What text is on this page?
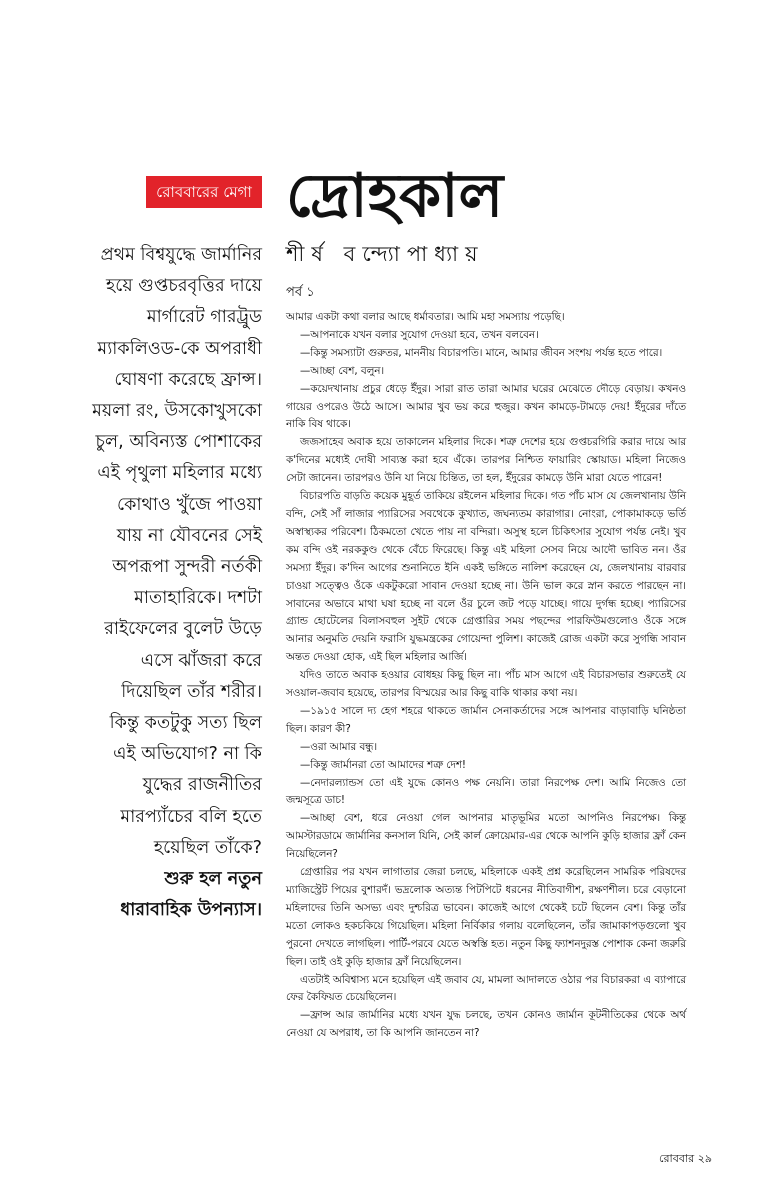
রোববারের মেগা দ্রোহকাল
শীর্ষ বন্দ্যোপাধ্যায়
পর্ব ১
প্রথম বিশ্বযুদ্ধে জার্মানির
হয়ে গুপ্তচরবৃত্তির দায়ে
মার্গারেট গারট্রুড
ম্যাকলিওড-কে অপরাধী
ঘোষণা করেছে ফ্রান্স।
ময়লা রং, উসকোখুসকো
চুল, অবিন্যস্ত পোশাকের
এই পৃথুলা মহিলার মধ্যে
কোথাও খুঁজে পাওয়া
যায় না যৌবনের সেই
অপরূপা সুন্দরী নর্তকী
মাতাহারিকে। দশটা
রাইফেলের বুলেট উড়ে
এসে ঝাঁজরা করে
দিয়েছিল তাঁর শরীর।
কিন্তু কতটুকু সত্য ছিল
এই অভিযোগ? না কি
যুদ্ধের রাজনীতির
মারপ্যাঁচের বলি হতে
হয়েছিল তাঁকে?
শুরু হল নতুন
ধারাবাহিক উপন্যাস।

আমার একটা কথা বলার আছে ধর্মাবতার। আমি মহা সমস্যায় পড়েছি।

—আপনাকে যখন বলার সুযোগ দেওয়া হবে, তখন বলবেন।

—কিন্তু সমস্যাটা গুরুতর, মাননীয় বিচারপতি। মানে, আমার জীবন সংশয় পর্যন্ত হতে পারে।

—আচ্ছা বেশ, বলুন।

—কয়েদখানায় প্রচুর ধেড়ে ইঁদুর। সারা রাত তারা আমার ঘরের মেঝেতে দৌড়ে বেড়ায়। কখনও গায়ের ওপরেও উঠে আসে। আমার খুব ভয় করে হুজুর। কখন কামড়ে-টামড়ে দেয়! ইঁদুরের দাঁতে নাকি বিষ থাকে।

জজসাহেব অবাক হয়ে তাকালেন মহিলার দিকে। শত্রু দেশের হয়ে গুপ্তচরগিরি করার দায়ে আর ক'দিনের মধ্যেই দোষী সাব্যস্ত করা হবে এঁকে। তারপর নিশ্চিত ফায়ারিং স্কোয়াড। মহিলা নিজেও সেটা জানেন। তারপরও উনি যা নিয়ে চিন্তিত, তা হল, ইঁদুরের কামড়ে উনি মারা যেতে পারেন!

বিচারপতি বাড়তি কয়েক মুহূর্ত তাকিয়ে রইলেন মহিলার দিকে। গত পাঁচ মাস যে জেলখানায় উনি বন্দি, সেই সাঁ লাজার প্যারিসের সবথেকে কুখ্যাত, জঘন্যতম কারাগার। নোংরা, পোকামাকড়ে ভর্তি অস্বাস্থ্যকর পরিবেশ। ঠিকমতো খেতে পায় না বন্দিরা। অসুস্থ হলে চিকিৎসার সুযোগ পর্যন্ত নেই। খুব কম বন্দি ওই নরককুণ্ড থেকে বেঁচে ফিরেছে। কিন্তু এই মহিলা সেসব নিয়ে আদৌ ভাবিত নন। ওঁর সমস্যা ইঁদুর। ক'দিন আগের শুনানিতে ইনি একই ভঙ্গিতে নালিশ করেছেন যে, জেলখানায় বারবার চাওয়া সত্ত্বেও ওঁকে একটুকরো সাবান দেওয়া হচ্ছে না। উনি ভাল করে স্নান করতে পারছেন না। সাবানের অভাবে মাথা ঘষা হচ্ছে না বলে ওঁর চুলে জট পড়ে যাচ্ছে। গায়ে দুর্গন্ধ হচ্ছে। প্যারিসের গ্র্যান্ড হোটেলের বিলাসবহুল সুইট থেকে গ্রেপ্তারির সময় পছন্দের পারফিউমগুলোও ওঁকে সঙ্গে আনার অনুমতি দেয়নি ফরাসি যুদ্ধমন্ত্রকের গোয়েন্দা পুলিশ। কাজেই রোজ একটা করে সুগন্ধি সাবান অন্তত দেওয়া হোক, এই ছিল মহিলার আর্জি।

যদিও তাতে অবাক হওয়ার বোধহয় কিছু ছিল না। পাঁচ মাস আগে এই বিচারসভার শুরুতেই যে সওয়াল-জবাব হয়েছে, তারপর বিস্ময়ের আর কিছু বাকি থাকার কথা নয়।

—১৯১৫ সালে দ্য হেগ শহরে থাকতে জার্মান সেনাকর্তাদের সঙ্গে আপনার বাড়াবাড়ি ঘনিষ্ঠতা ছিল। কারণ কী?

—ওরা আমার বন্ধু।

—কিন্তু জার্মানরা তো আমাদের শত্রু দেশ!

—নেদারল্যান্ডস তো এই যুদ্ধে কোনও পক্ষ নেয়নি। তারা নিরপেক্ষ দেশ। আমি নিজেও তো জন্মসূত্রে ডাচ!

—আচ্ছা বেশ, ধরে নেওয়া গেল আপনার মাতৃভূমির মতো আপনিও নিরপেক্ষ। কিন্তু আমস্টারডামে জার্মানির কনসাল যিনি, সেই কার্ল ক্রোয়েমার-এর থেকে আপনি কুড়ি হাজার ফ্রাঁ কেন নিয়েছিলেন?

গ্রেপ্তারির পর যখন লাগাতার জেরা চলছে, মহিলাকে একই প্রশ্ন করেছিলেন সামরিক পরিষদের ম্যাজিস্ট্রেট পিয়ের বুশারদঁ। ভদ্রলোক অত্যন্ত পিটপিটে ধরনের নীতিবাগীশ, রক্ষণশীল। চরে বেড়ানো মহিলাদের তিনি অসভ্য এবং দুশ্চরিত্র ভাবেন। কাজেই আগে থেকেই চটে ছিলেন বেশ। কিন্তু তাঁর মতো লোকও হকচকিয়ে গিয়েছিল। মহিলা নির্বিকার গলায় বলেছিলেন, তাঁর জামাকাপড়গুলো খুব পুরনো দেখতে লাগছিল। পার্টি-পরবে যেতে অস্বস্তি হত। নতুন কিছু ফ্যাশনদুরস্ত পোশাক কেনা জরুরি ছিল। তাই ওই কুড়ি হাজার ফ্রাঁ নিয়েছিলেন।

এতটাই অবিশ্বাস্য মনে হয়েছিল এই জবাব যে, মামলা আদালতে ওঠার পর বিচারকরা এ ব্যাপারে ফের কৈফিয়ত চেয়েছিলেন।

—ফ্রান্স আর জার্মানির মধ্যে যখন যুদ্ধ চলছে, তখন কোনও জার্মান কূটনীতিকের থেকে অর্থ নেওয়া যে অপরাধ, তা কি আপনি জানতেন না?

রোববার ২৯
